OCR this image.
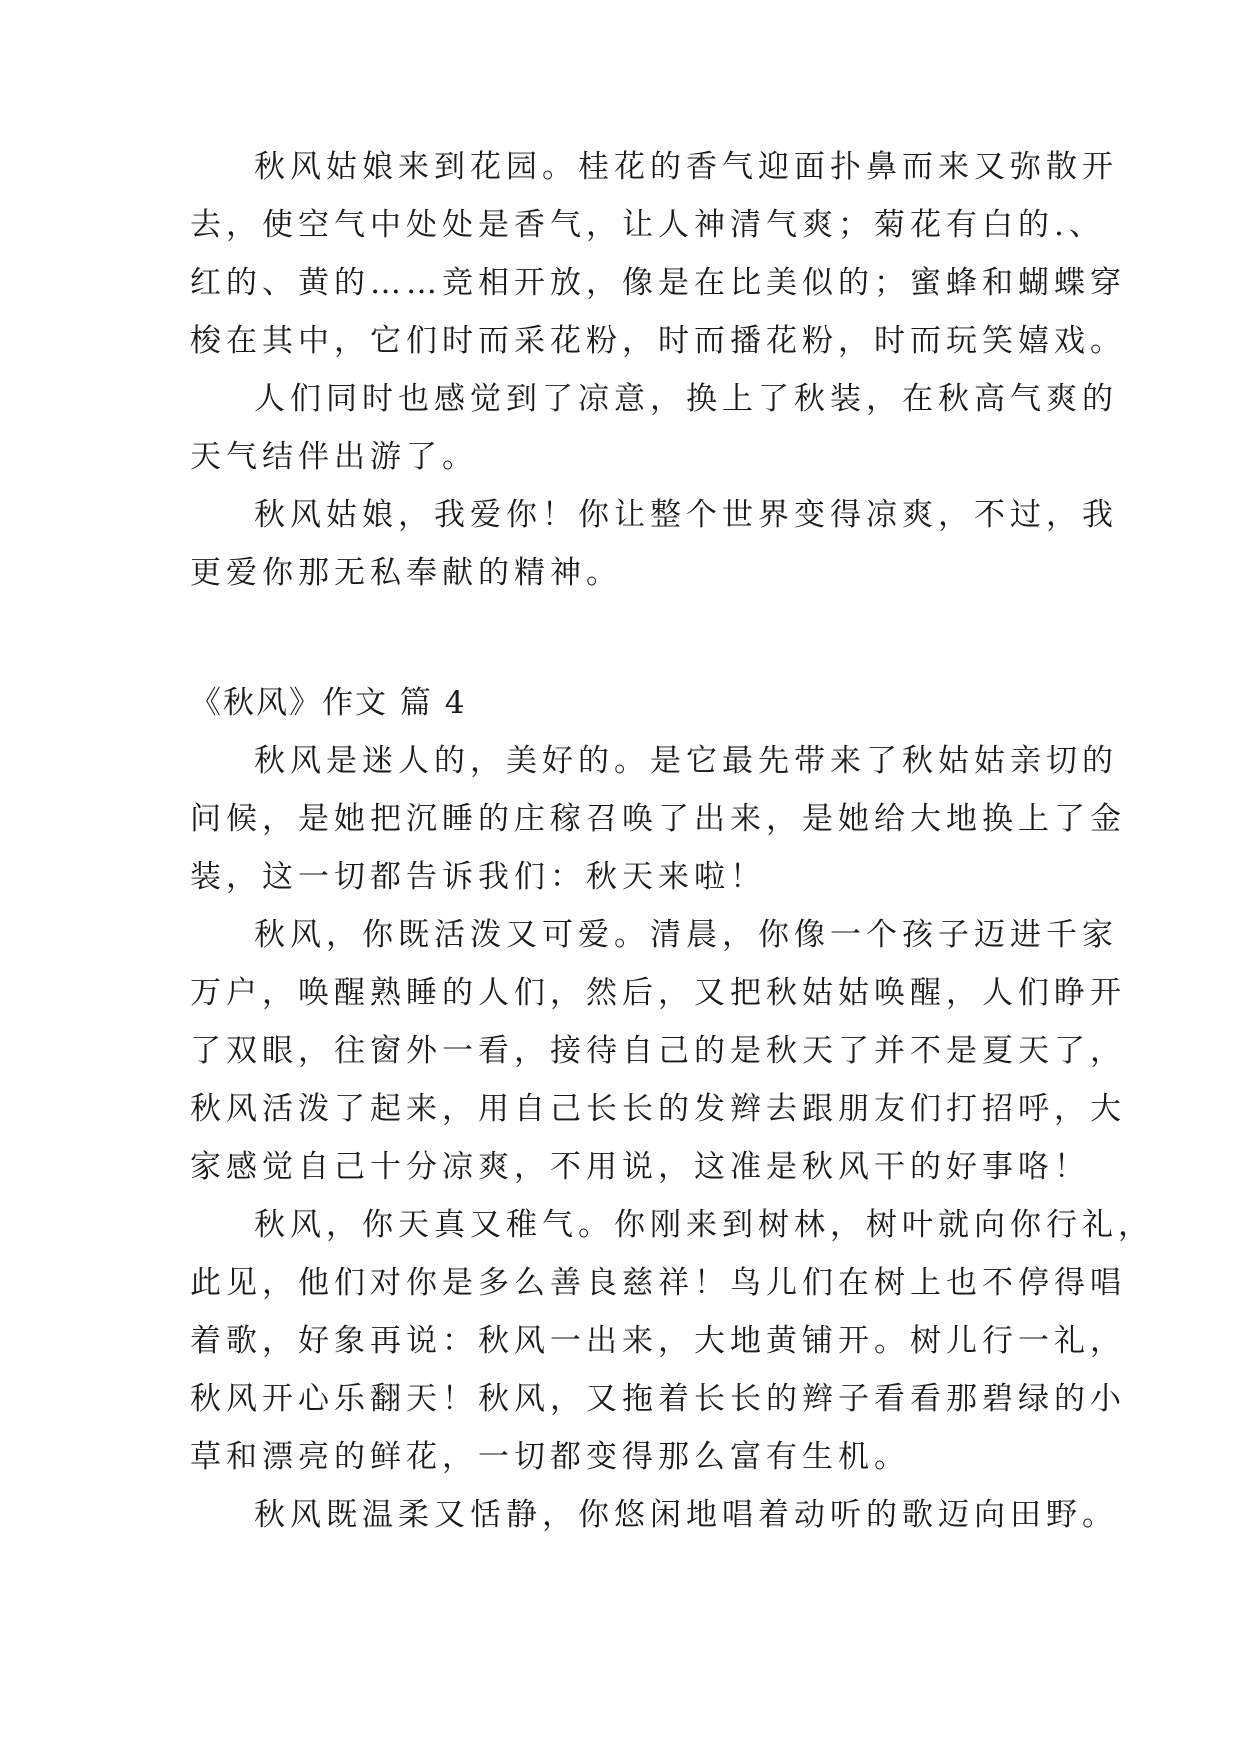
秋风姑娘来到花园。桂花的香气迎面扑鼻而来又弥散开
去，使空气中处处是香气，让人神清气爽；菊花有白的.、
红的、黄的……竞相开放，像是在比美似的；蜜蜂和蝴蝶穿
梭在其中，它们时而采花粉，时而播花粉，时而玩笑嬉戏。
人们同时也感觉到了凉意，换上了秋装，在秋高气爽的
天气结伴出游了。
秋风姑娘，我爱你！你让整个世界变得凉爽，不过，我
更爱你那无私奉献的精神。
《秋风》作文 篇 4
秋风是迷人的，美好的。是它最先带来了秋姑姑亲切的
问候，是她把沉睡的庄稼召唤了出来，是她给大地换上了金
装，这一切都告诉我们：秋天来啦！
秋风，你既活泼又可爱。清晨，你像一个孩子迈进千家
万户，唤醒熟睡的人们，然后，又把秋姑姑唤醒，人们睁开
了双眼，往窗外一看，接待自己的是秋天了并不是夏天了，
秋风活泼了起来，用自己长长的发辫去跟朋友们打招呼，大
家感觉自己十分凉爽，不用说，这准是秋风干的好事咯！
秋风，你天真又稚气。你刚来到树林，树叶就向你行礼，
此见，他们对你是多么善良慈祥！鸟儿们在树上也不停得唱
着歌，好象再说：秋风一出来，大地黄铺开。树儿行一礼，
秋风开心乐翻天！秋风，又拖着长长的辫子看看那碧绿的小
草和漂亮的鲜花，一切都变得那么富有生机。
秋风既温柔又恬静，你悠闲地唱着动听的歌迈向田野。
